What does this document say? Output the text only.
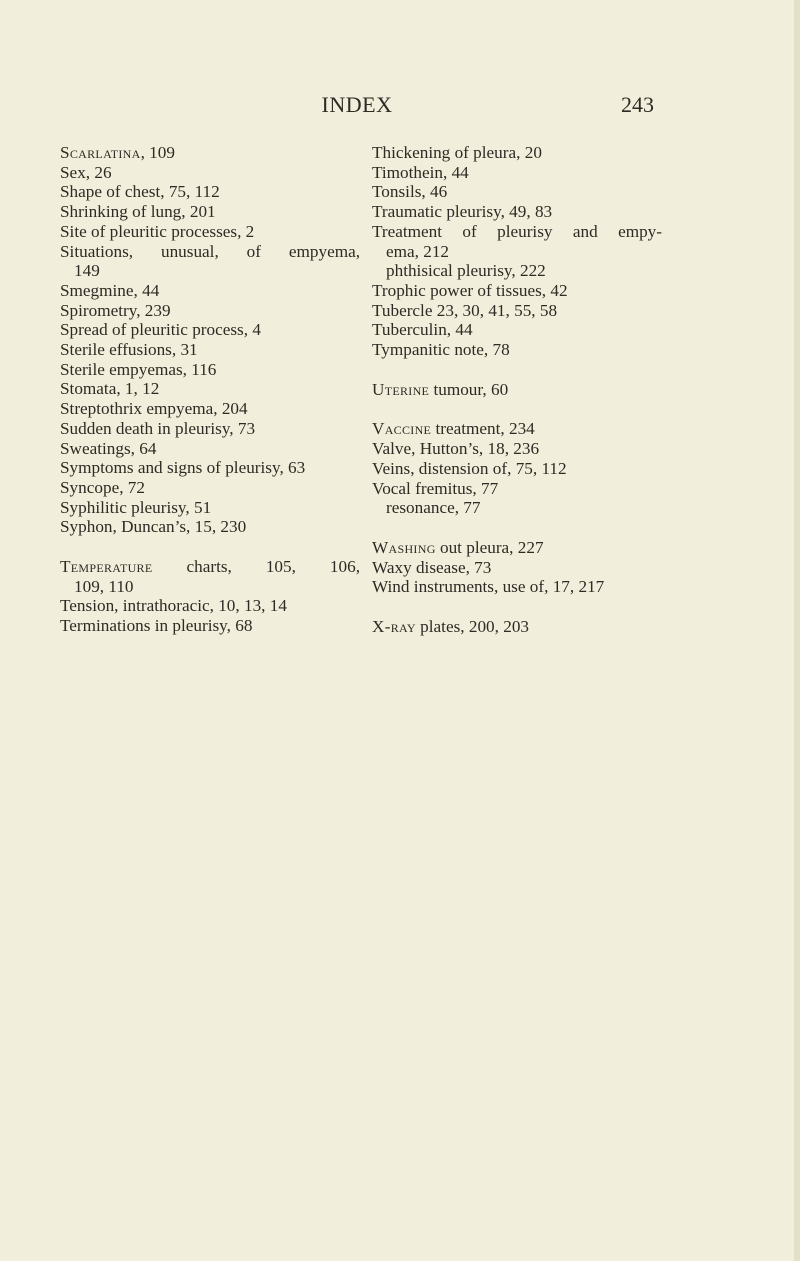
INDEX	243
Scarlatina, 109
Sex, 26
Shape of chest, 75, 112
Shrinking of lung, 201
Site of pleuritic processes, 2
Situations, unusual, of empyema,
149
Smegmine, 44
Spirometry, 239
Spread of pleuritic process, 4
Sterile effusions, 31
Sterile empyemas, 116
Stomata, 1, 12
Streptothrix empyema, 204
Sudden death in pleurisy, 73
Sweatings, 64
Symptoms and signs of pleurisy, 63
Syncope, 72
Syphilitic pleurisy, 51
Syphon, Duncan’s, 15, 230
Temperature charts, 105, 106,
109, 110
Tension, intrathoracic, 10, 13, 14
Terminations in pleurisy, 68
Thickening of pleura, 20
Timothein, 44
Tonsils, 46
Traumatic pleurisy, 49, 83
Treatment of pleurisy and empy-
ema, 212
phthisical pleurisy, 222
Trophic power of tissues, 42
Tubercle 23, 30, 41, 55, 58
Tuberculin, 44
Tympanitic note, 78
Uterine tumour, 60
Vaccine treatment, 234
Valve, Hutton’s, 18, 236
Veins, distension of, 75, 112
Vocal fremitus, 77
resonance, 77
Washing out pleura, 227
Waxy disease, 73
Wind instruments, use of, 17, 217
X-ray plates, 200, 203
